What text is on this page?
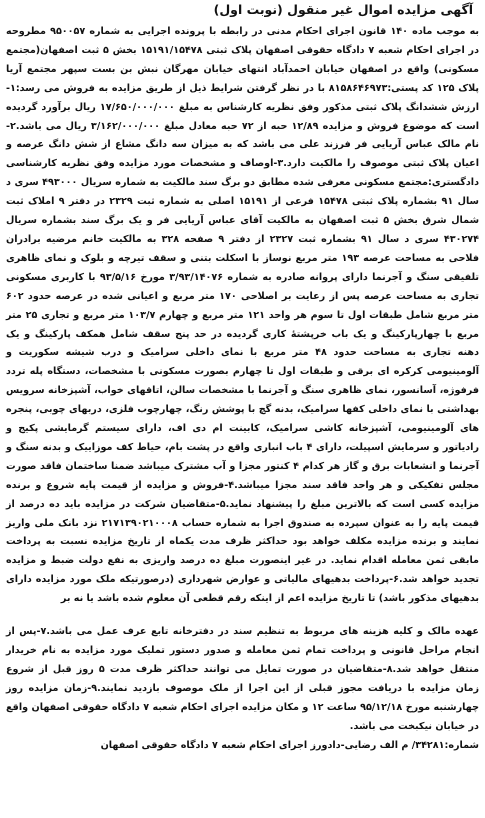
آگهی مزایده اموال غیر منقول (نوبت اول)
به موجب ماده ۱۴۰ قانون اجرای احکام مدنی در رابطه با پرونده اجرایی به شماره ۹۵۰۰۵۷ مطروحه در اجرای احکام شعبه ۷ دادگاه حقوقی اصفهان پلاک ثبتی ۱۵۱۹۱/۱۵۴۷۸ بخش ۵ ثبت اصفهان(مجتمع مسکونی) واقع در اصفهان خیابان احمدآباد انتهای خیابان مهرگان نبش بن بست سپهر مجتمع آریا پلاک ۱۲۵ کد پستی:۸۱۵۸۶۴۶۹۷۳ با در نظر گرفتن شرایط ذیل از طریق مزایده به فروش می رسد:۱-ارزش ششدانگ پلاک ثبتی مذکور وفق نظریه کارشناس به مبلغ ۱۷/۶۵۰/۰۰۰/۰۰۰ ریال برآورد گردیده است که موضوع فروش و مزایده ۱۲/۸۹ حبه از ۷۲ حبه معادل مبلغ ۳/۱۶۲/۰۰۰/۰۰۰ ریال می باشد.۲-نام مالک عباس آریایی فر فرزند علی می باشد که به میزان سه دانگ مشاع از شش دانگ عرصه و اعیان پلاک ثبتی موصوف را مالکیت دارد.۳-اوصاف و مشخصات مورد مزایده وفق نظریه کارشناسی دادگستری:مجتمع مسکونی معرفی شده مطابق دو برگ سند مالکیت به شماره سریال ۴۹۳۰۰۰ سری د سال ۹۱ بشماره پلاک ثبتی ۱۵۴۷۸ فرعی از ۱۵۱۹۱ اصلی به شماره ثبت ۲۳۲۹ در دفتر ۹ املاک ثبت شمال شرق بخش ۵ ثبت اصفهان به مالکیت آقای عباس آریایی فر و یک برگ سند بشماره سریال ۴۳۰۲۷۴ سری د سال ۹۱ بشماره ثبت ۲۳۲۷ از دفتر ۹ صفحه ۳۲۸ به مالکیت خانم مرضیه برادران فلاحی به مساحت عرصه ۱۹۳ متر مربع نوساز با اسکلت بتنی و سقف تیرچه و بلوک و نمای ظاهری تلفیقی سنگ و آجرنما دارای پروانه صادره به شماره ۳/۹۳/۱۴۰۷۶ مورخ ۹۳/۵/۱۶ با کاربری مسکونی تجاری به مساحت عرصه پس از رعایت بر اصلاحی ۱۷۰ متر مربع و اعیانی شده در عرصه حدود ۶۰۲ متر مربع شامل طبقات اول تا سوم هر واحد ۱۲۱ متر مربع و چهارم ۱۰۳/۷ متر مربع و تجاری ۲۵ متر مربع با چهارپارکینگ و یک باب خرپشتهٔ کاری گردیده در حد پنج سقف شامل همکف پارکینگ و یک دهنه تجاری به مساحت حدود ۴۸ متر مربع با نمای داخلی سرامیک و درب شیشه سکوریت و آلومینیومی کرکره ای برقی و طبقات اول تا چهارم بصورت مسکونی با مشخصات، دستگاه پله تردد فرفوژه، آسانسور، نمای ظاهری سنگ و آجرنما با مشخصات سالن، اتاقهای خواب، آشپزخانه سرویس بهداشتی با نمای داخلی کفها سرامیک، بدنه گچ با پوشش رنگ، چهارچوب فلزی، دربهای چوبی، پنجره های آلومینیومی، آشپزخانه کاشی سرامیک، کابینت ام دی اف، دارای سیستم گرمایشی پکیج و رادیاتور و سرمایش اسپیلت، دارای ۴ باب انباری واقع در پشت بام، حیاط کف موزاییک و بدنه سنگ و آجرنما و انشعابات برق و گاز هر کدام ۴ کنتور مجزا و آب مشترک میباشد ضمنا ساختمان فاقد صورت مجلس تفکیکی و هر واحد فاقد سند مجزا میباشد.۴-فروش و مزایده از قیمت پایه شروع و برنده مزایده کسی است که بالاترین مبلغ را پیشنهاد نماید.۵-متقاضیان شرکت در مزایده باید ده درصد از قیمت پایه را به عنوان سپرده به صندوق اجرا به شماره حساب ۲۱۷۱۳۹۰۲۱۰۰۰۸ نزد بانک ملی واریز نمایند و برنده مزایده مکلف خواهد بود حداکثر ظرف مدت یکماه از تاریخ مزایده نسبت به پرداخت مابقی ثمن معامله اقدام نماید. در غیر اینصورت مبلغ ده درصد واریزی به نفع دولت ضبط و مزایده تجدید خواهد شد.۶-پرداخت بدهیهای مالیاتی و عوارض شهرداری (درصورتیکه ملک مورد مزایده دارای بدهیهای مذکور باشد) تا تاریخ مزایده اعم از اینکه رقم قطعی آن معلوم شده باشد یا نه بر
عهده مالک و کلیه هزینه های مربوط به تنظیم سند در دفترخانه تابع عرف عمل می باشد.۷-پس از انجام مراحل قانونی و پرداخت تمام ثمن معامله و صدور دستور تملیک مورد مزایده به نام خریدار منتقل خواهد شد.۸-متقاضیان در صورت تمایل می توانند حداکثر ظرف مدت ۵ روز قبل از شروع زمان مزایده با دریافت مجوز قبلی از این اجرا از ملک موصوف بازدید نمایند.۹-زمان مزایده روز چهارشنبه مورخ ۹۵/۱۲/۱۸ ساعت ۱۲ و مکان مزایده اجرای احکام شعبه ۷ دادگاه حقوقی اصفهان واقع در خیابان نیکبخت می باشد.
شماره:۳۴۲۸۱/ م الف رضایی-دادورز اجرای احکام شعبه ۷ دادگاه حقوقی اصفهان
